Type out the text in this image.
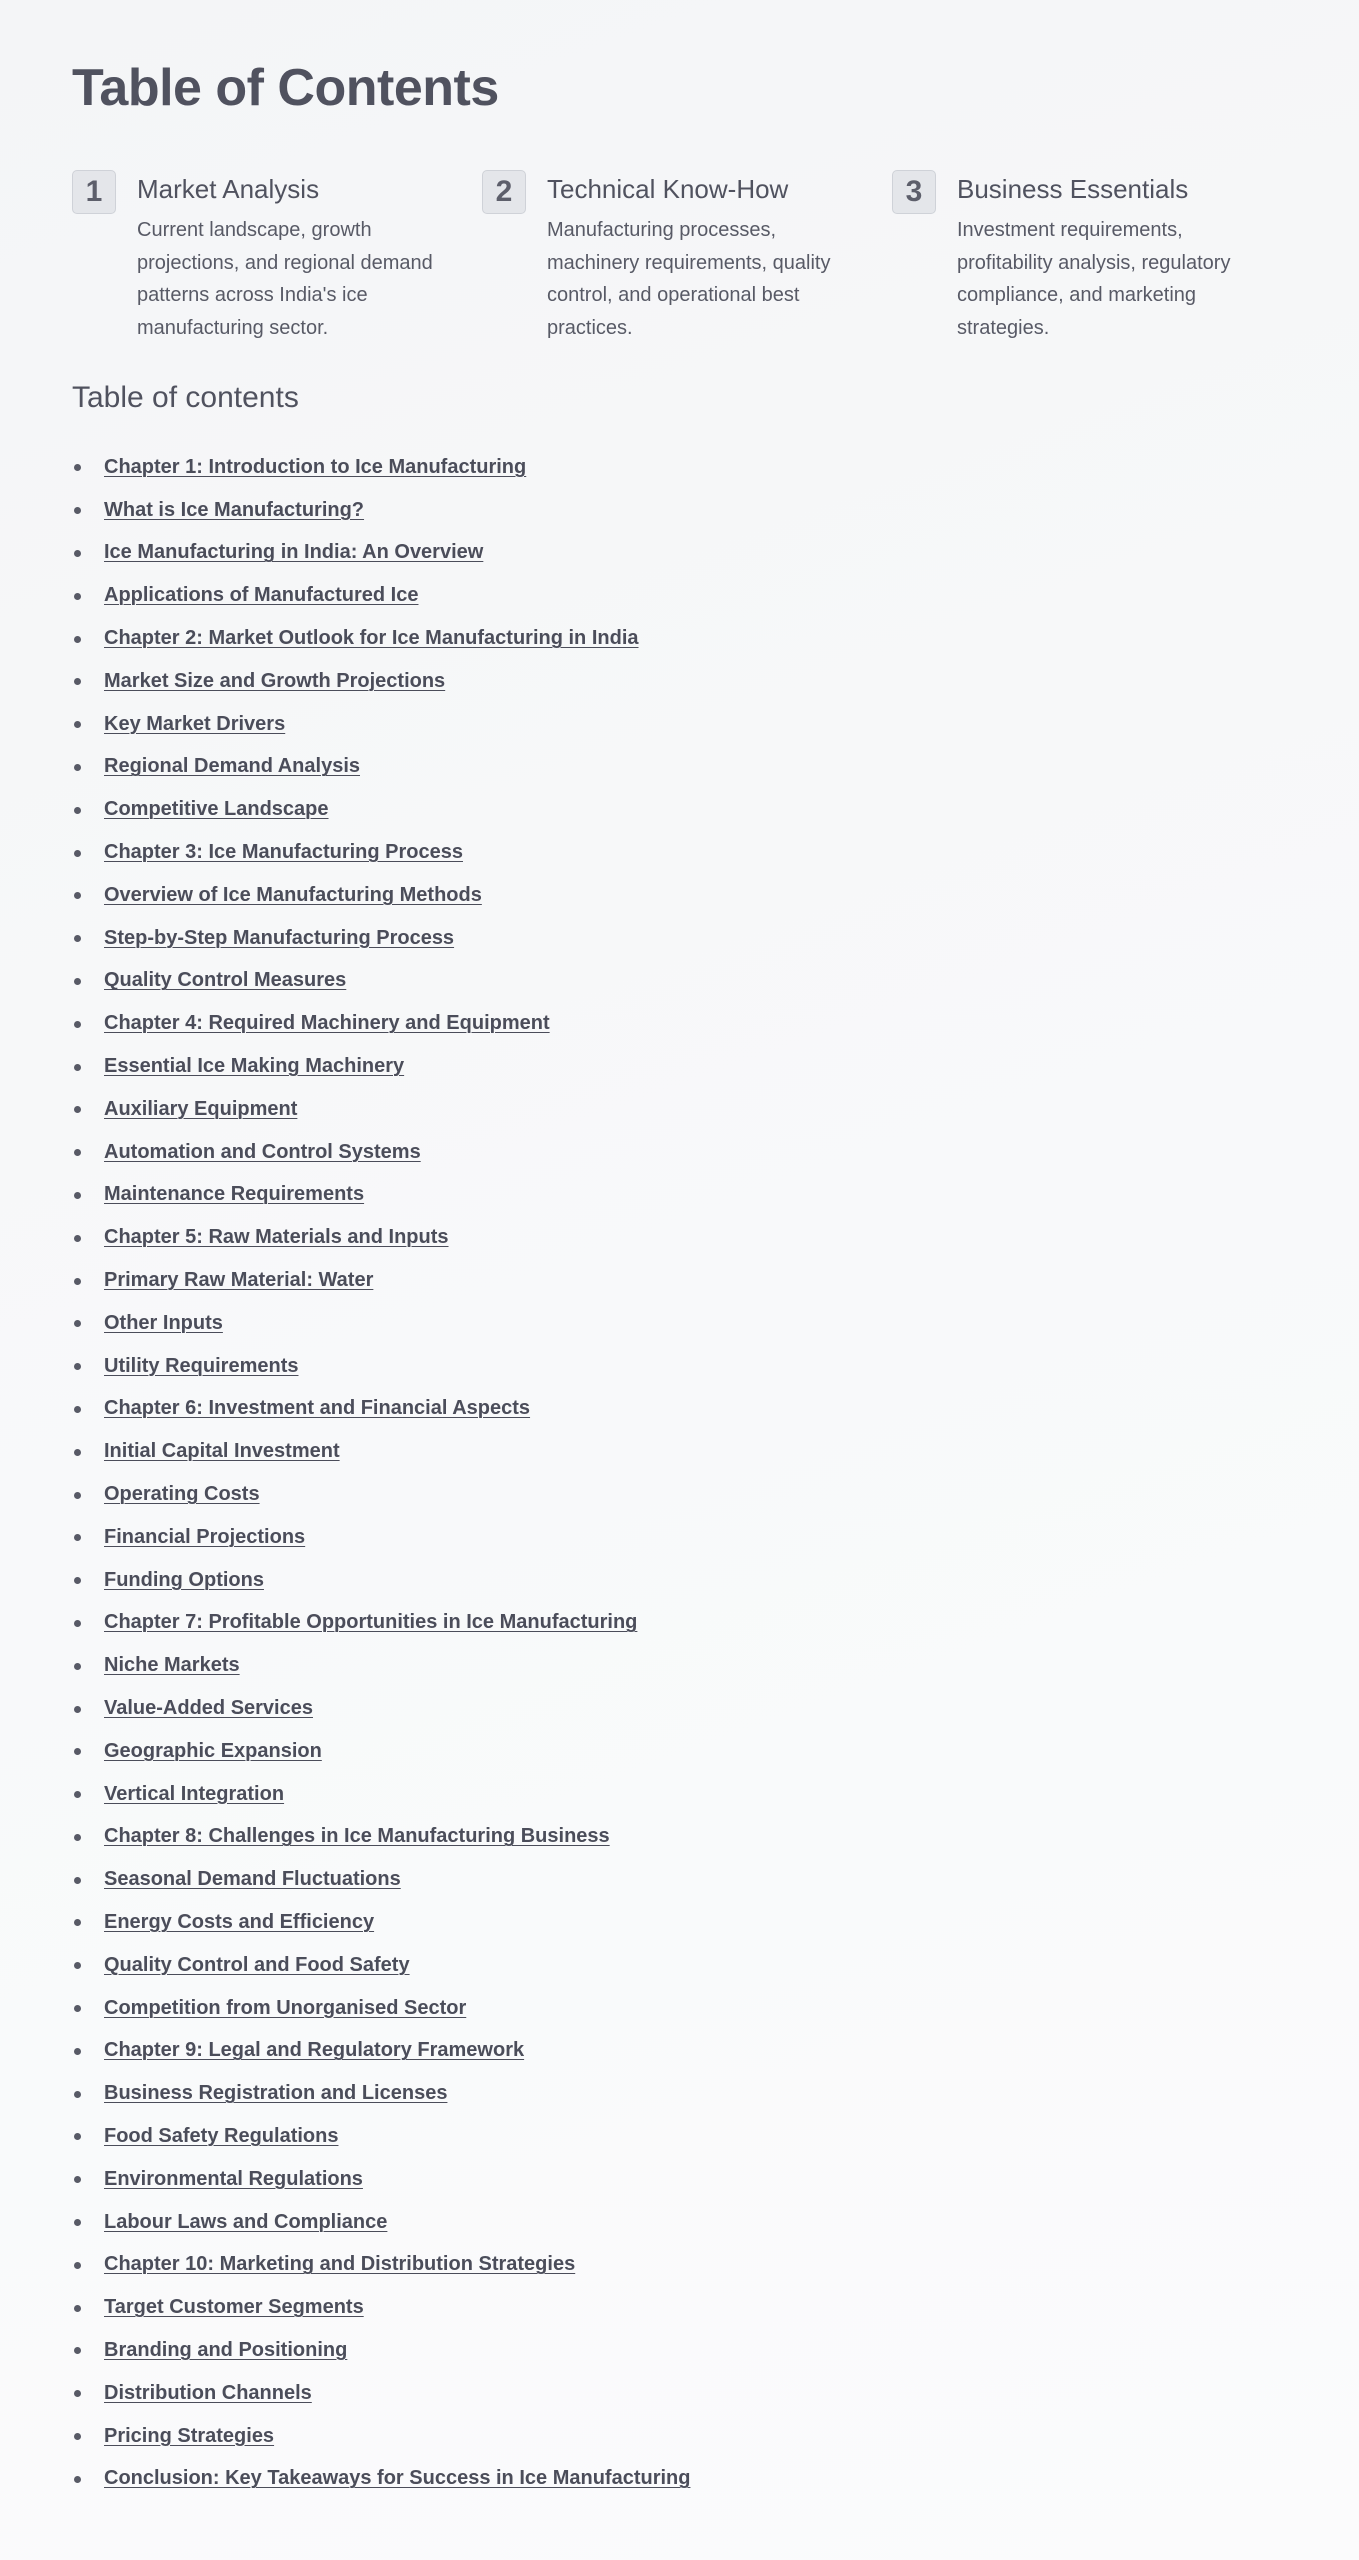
Table of Contents
1	Market Analysis
Current landscape, growth projections, and regional demand patterns across India's ice manufacturing sector.
2	Technical Know-How
Manufacturing processes, machinery requirements, quality control, and operational best practices.
3	Business Essentials
Investment requirements, profitability analysis, regulatory compliance, and marketing strategies.
Table of contents
Chapter 1: Introduction to Ice Manufacturing
What is Ice Manufacturing?
Ice Manufacturing in India: An Overview
Applications of Manufactured Ice
Chapter 2: Market Outlook for Ice Manufacturing in India
Market Size and Growth Projections
Key Market Drivers
Regional Demand Analysis
Competitive Landscape
Chapter 3: Ice Manufacturing Process
Overview of Ice Manufacturing Methods
Step-by-Step Manufacturing Process
Quality Control Measures
Chapter 4: Required Machinery and Equipment
Essential Ice Making Machinery
Auxiliary Equipment
Automation and Control Systems
Maintenance Requirements
Chapter 5: Raw Materials and Inputs
Primary Raw Material: Water
Other Inputs
Utility Requirements
Chapter 6: Investment and Financial Aspects
Initial Capital Investment
Operating Costs
Financial Projections
Funding Options
Chapter 7: Profitable Opportunities in Ice Manufacturing
Niche Markets
Value-Added Services
Geographic Expansion
Vertical Integration
Chapter 8: Challenges in Ice Manufacturing Business
Seasonal Demand Fluctuations
Energy Costs and Efficiency
Quality Control and Food Safety
Competition from Unorganised Sector
Chapter 9: Legal and Regulatory Framework
Business Registration and Licenses
Food Safety Regulations
Environmental Regulations
Labour Laws and Compliance
Chapter 10: Marketing and Distribution Strategies
Target Customer Segments
Branding and Positioning
Distribution Channels
Pricing Strategies
Conclusion: Key Takeaways for Success in Ice Manufacturing
